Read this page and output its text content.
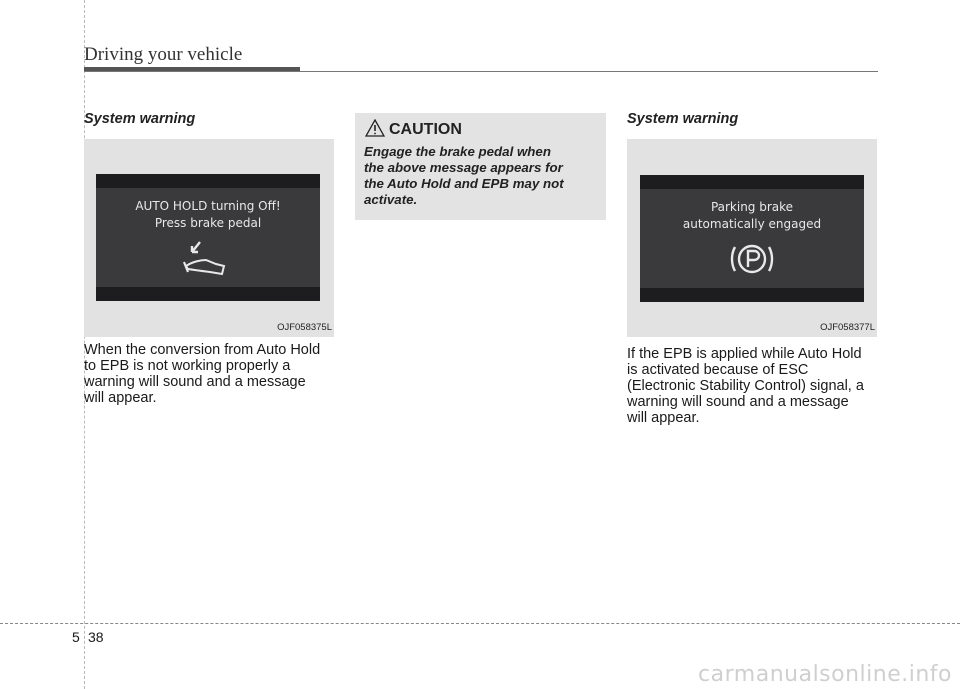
Driving your vehicle
System warning
AUTO HOLD turning Off!
Press brake pedal
OJF058375L
When the conversion from Auto Hold
to EPB is not working properly a
warning will sound and a message
will appear.
CAUTION
Engage the brake pedal when
the above message appears for
the Auto Hold and EPB may not
activate.
System warning
Parking brake
automatically engaged
OJF058377L
If the EPB is applied while Auto Hold
is activated because of ESC
(Electronic Stability Control) signal, a
warning will sound and a message
will appear.
5 38
carmanualsonline.info
